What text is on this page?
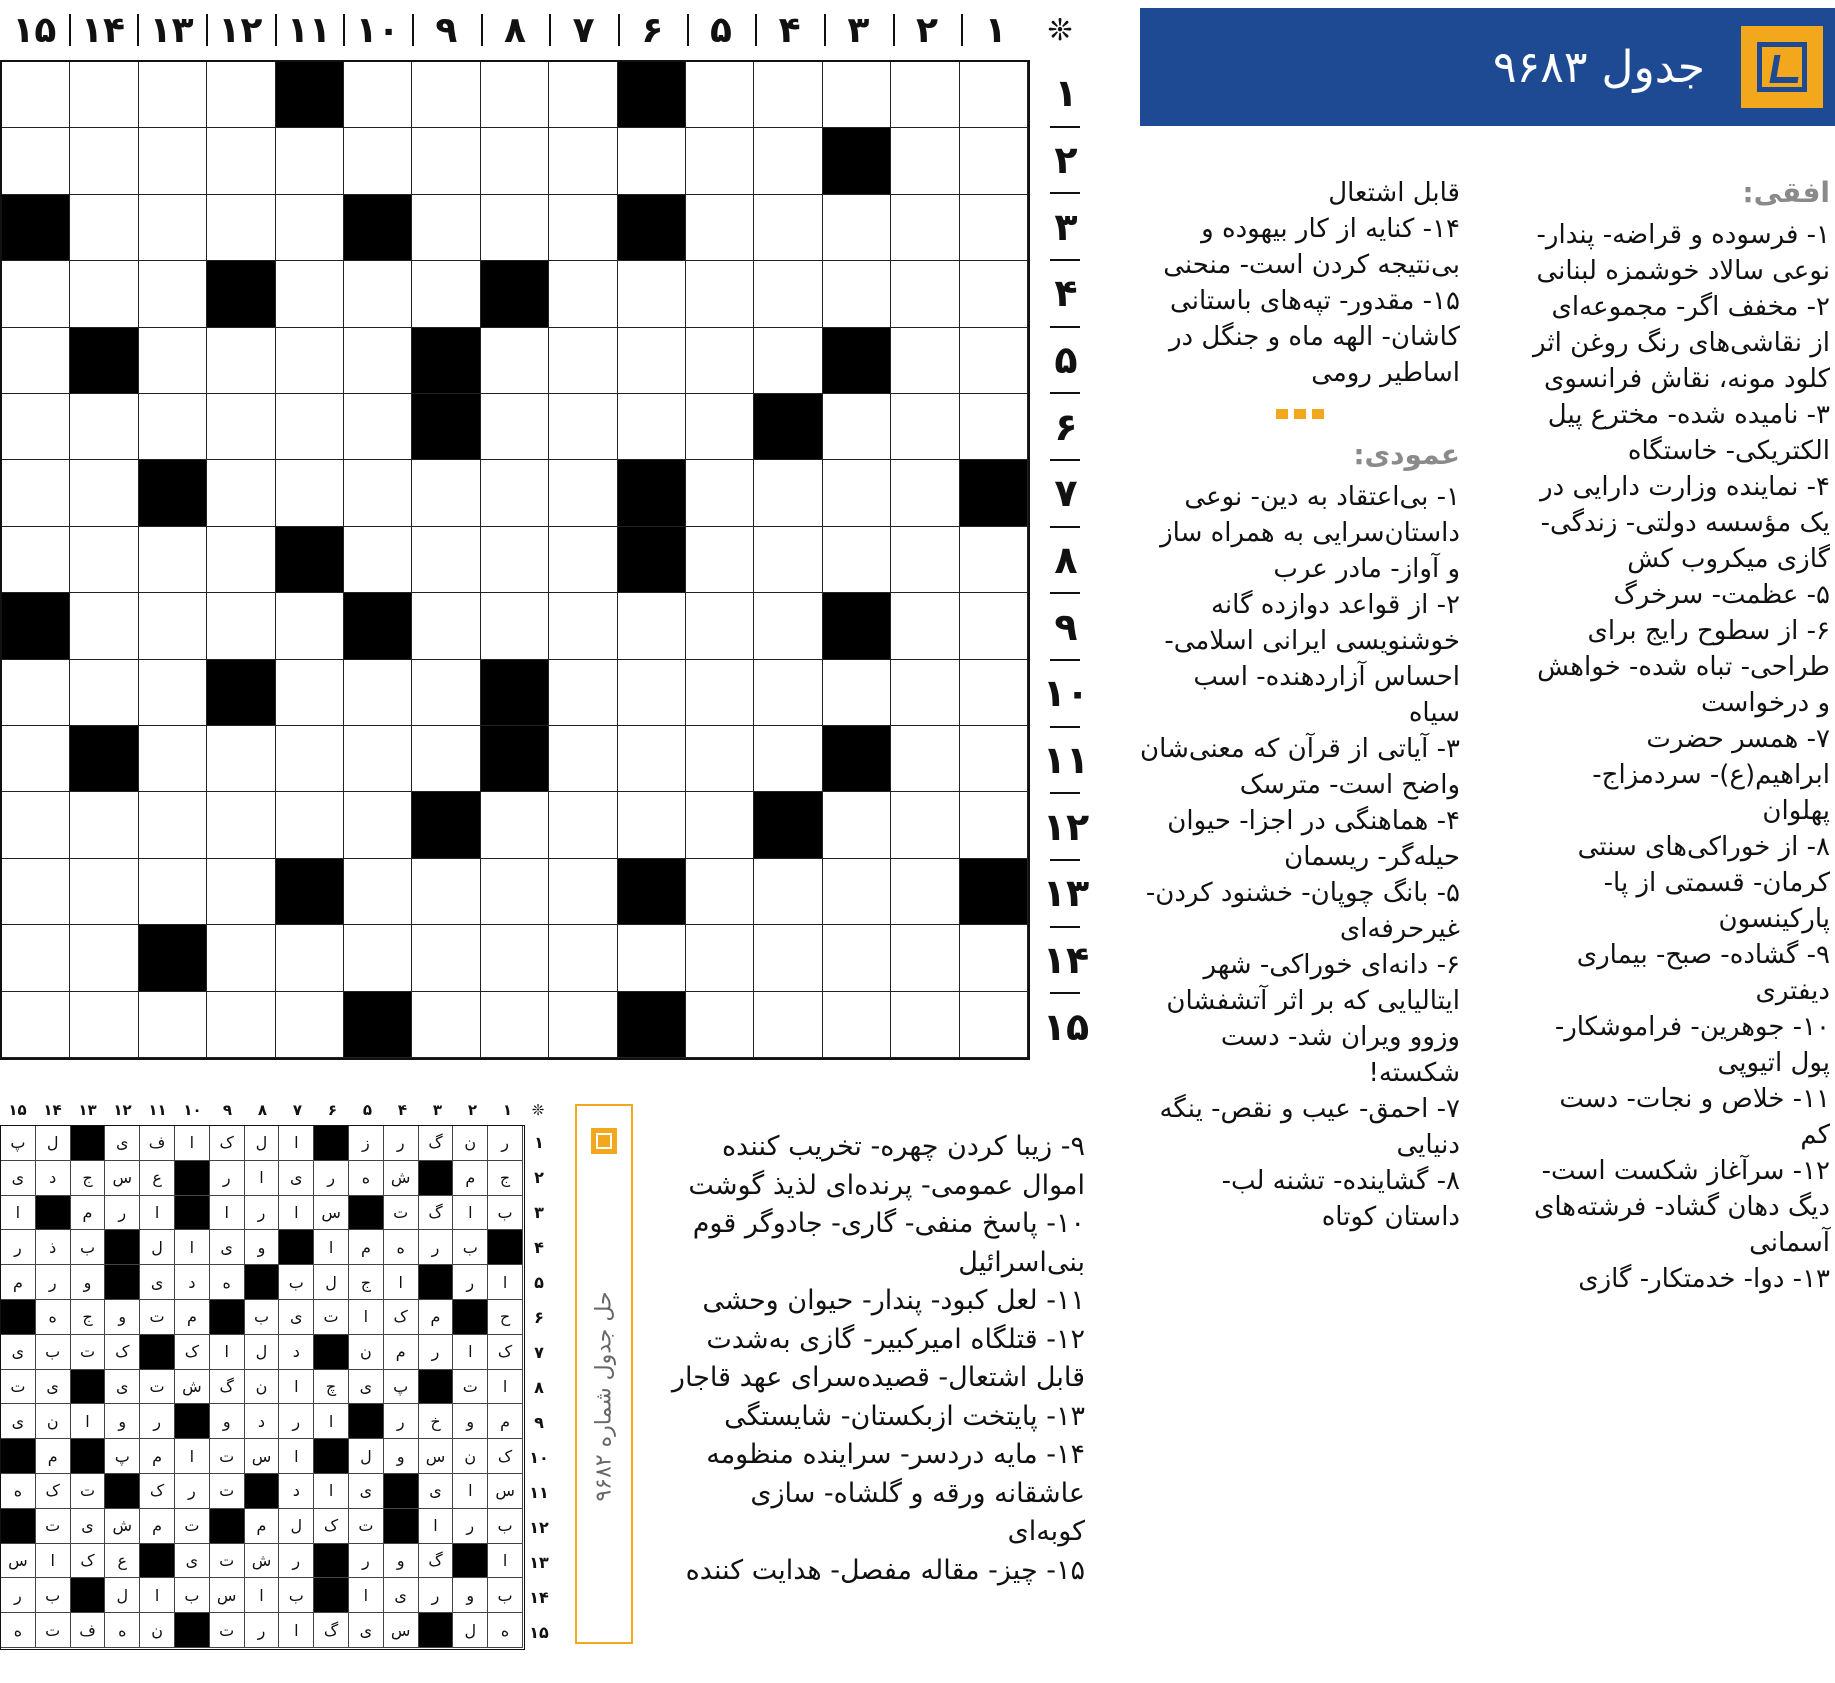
❊
۱
۲
۳
۴
۵
۶
۷
۸
۹
۱۰
۱۱
۱۲
۱۳
۱۴
۱۵
۱
۲
۳
۴
۵
۶
۷
۸
۹
۱۰
۱۱
۱۲
۱۳
۱۴
۱۵
جدول ۹۶۸۳
افقی:

۱- فرسوده و قراضه- پندار- نوعی سالاد خوشمزه لبنانی

۲- مخفف اگر- مجموعه‌ای از نقاشی‌های رنگ روغن اثر کلود مونه، نقاش فرانسوی

۳- نامیده شده- مخترع پیل الکتریکی- خاستگاه

۴- نماینده وزارت دارایی در یک مؤسسه دولتی- زندگی- گازی میکروب کش

۵- عظمت- سرخرگ

۶- از سطوح رایج برای طراحی- تباه شده- خواهش و درخواست

۷- همسر حضرت ابراهیم(ع)- سردمزاج- پهلوان

۸- از خوراکی‌های سنتی کرمان- قسمتی از پا- پارکینسون

۹- گشاده- صبح- بیماری دیفتری

۱۰- جوهرین- فراموشکار- پول اتیوپی

۱۱- خلاص و نجات- دست کم

۱۲- سرآغاز شکست است- دیگ دهان گشاد- فرشته‌های آسمانی

۱۳- دوا- خدمتکار- گازی

قابل اشتعال

۱۴- کنایه از کار بیهوده و بی‌نتیجه کردن است- منحنی

۱۵- مقدور- تپه‌های باستانی کاشان- الهه ماه و جنگل در اساطیر رومی

عمودی:

۱- بی‌اعتقاد به دین- نوعی داستان‌سرایی به همراه ساز و آواز- مادر عرب

۲- از قواعد دوازده گانه خوشنویسی ایرانی اسلامی- احساس آزاردهنده- اسب سیاه

۳- آیاتی از قرآن که معنی‌شان واضح است- مترسک

۴- هماهنگی در اجزا- حیوان حیله‌گر- ریسمان

۵- بانگ چوپان- خشنود کردن- غیرحرفه‌ای

۶- دانه‌ای خوراکی- شهر ایتالیایی که بر اثر آتشفشان وزوو ویران شد- دست شکسته!

۷- احمق- عیب و نقص- ینگه دنیایی

۸- گشاینده- تشنه لب- داستان کوتاه

۹- زیبا کردن چهره- تخریب کننده اموال عمومی- پرنده‌ای لذیذ گوشت

۱۰- پاسخ منفی- گاری- جادوگر قوم بنی‌اسرائیل

۱۱- لعل کبود- پندار- حیوان وحشی

۱۲- قتلگاه امیرکبیر- گازی به‌شدت قابل اشتعال- قصیده‌سرای عهد قاجار

۱۳- پایتخت ازبکستان- شایستگی

۱۴- مایه دردسر- سراینده منظومه عاشقانه ورقه و گلشاه- سازی کوبه‌ای

۱۵- چیز- مقاله مفصل- هدایت کننده

❊
۱
۲
۳
۴
۵
۶
۷
۸
۹
۱۰
۱۱
۱۲
۱۳
۱۴
۱۵
ر
ن
گ
ر
ز
ا
ل
ک
ا
ف
ی
ل
پ
ج
م
ش
ه
ر
ی
ا
ر
ع
س
ج
د
ی
ب
ا
گ
ت
س
ا
ر
ا
ا
ر
م
ا
ب
ر
ه
م
ا
و
ی
ا
ل
ب
ذ
ر
ا
ر
ا
ج
ل
ب
ه
د
ی
و
ر
م
ح
م
ک
ا
ت
ی
ب
م
ت
و
ج
ه
ک
ا
ر
م
ن
د
ل
ا
ک
ک
ت
ب
ی
ا
ت
پ
ی
چ
ا
ن
گ
ش
ت
ی
ی
ت
م
و
خ
ر
ا
ر
د
و
ر
و
ا
ن
ی
ک
ن
س
و
ل
ا
س
ت
ا
م
پ
م
س
ا
ی
ی
ا
د
ت
ر
ک
ت
ک
ه
ب
ر
ا
ت
ک
ل
م
ت
م
ش
ی
ت
ا
گ
و
ر
ر
ش
ت
ی
ع
ک
ا
س
ب
و
ر
ی
ا
ب
ا
س
ب
ا
ل
ب
ر
ه
ل
س
ی
گ
ا
ر
ت
ن
ه
ف
ت
ه
۱
۲
۳
۴
۵
۶
۷
۸
۹
۱۰
۱۱
۱۲
۱۳
۱۴
۱۵
حل جدول شماره ۹۶۸۲
